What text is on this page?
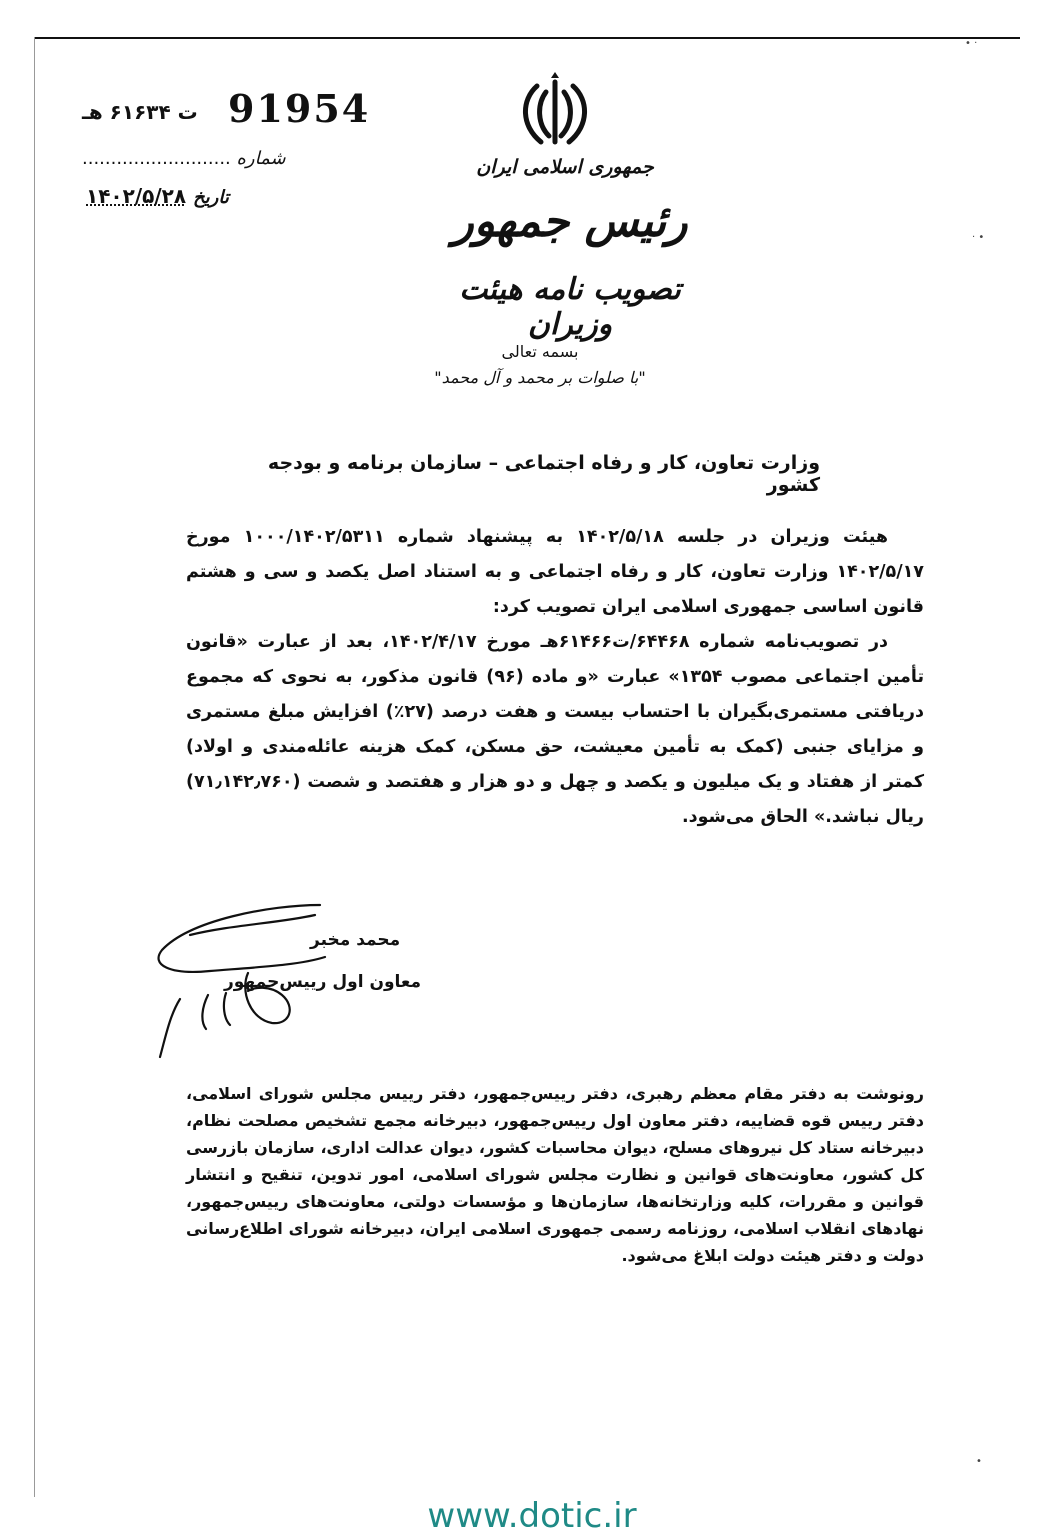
91954
ت ۶۱۶۳۴ هـ
شماره ..........................
تاریخ ۱۴۰۲/۵/۲۸
جمهوری اسلامی ایران
رئیس جمهور
تصویب نامه هیئت وزیران
بسمه تعالی
"با صلوات بر محمد و آل محمد"
وزارت تعاون، کار و رفاه اجتماعی – سازمان برنامه و بودجه کشور

هیئت وزیران در جلسه ۱۴۰۲/۵/۱۸ به پیشنهاد شماره ۱۰۰۰/۱۴۰۲/۵۳۱۱ مورخ ۱۴۰۲/۵/۱۷ وزارت تعاون، کار و رفاه اجتماعی و به استناد اصل یکصد و سی و هشتم قانون اساسی جمهوری اسلامی ایران تصویب کرد:

در تصویب‌نامه شماره ۶۴۴۶۸/ت۶۱۴۶۶هـ مورخ ۱۴۰۲/۴/۱۷، بعد از عبارت «قانون تأمین اجتماعی مصوب ۱۳۵۴» عبارت «و ماده (۹۶) قانون مذکور، به نحوی که مجموع دریافتی مستمری‌بگیران با احتساب بیست و هفت درصد (۲۷٪) افزایش مبلغ مستمری و مزایای جنبی (کمک به تأمین معیشت، حق مسکن، کمک هزینه عائله‌مندی و اولاد) کمتر از هفتاد و یک میلیون و یکصد و چهل و دو هزار و هفتصد و شصت (۷۱٫۱۴۲٫۷۶۰) ریال نباشد.» الحاق می‌شود.

محمد مخبر
معاون اول رییس‌جمهور
رونوشت به دفتر مقام معظم رهبری، دفتر رییس‌جمهور، دفتر رییس مجلس شورای اسلامی، دفتر رییس قوه قضاییه، دفتر معاون اول رییس‌جمهور، دبیرخانه مجمع تشخیص مصلحت نظام، دبیرخانه ستاد کل نیروهای مسلح، دیوان محاسبات کشور، دیوان عدالت اداری، سازمان بازرسی کل کشور، معاونت‌های قوانین و نظارت مجلس شورای اسلامی، امور تدوین، تنقیح و انتشار قوانین و مقررات، کلیه وزارتخانه‌ها، سازمان‌ها و مؤسسات دولتی، معاونت‌های رییس‌جمهور، نهادهای انقلاب اسلامی، روزنامه رسمی جمهوری اسلامی ایران، دبیرخانه شورای اطلاع‌رسانی دولت و دفتر هیئت دولت ابلاغ می‌شود.
• ·
· •
•
www.dotic.ir
